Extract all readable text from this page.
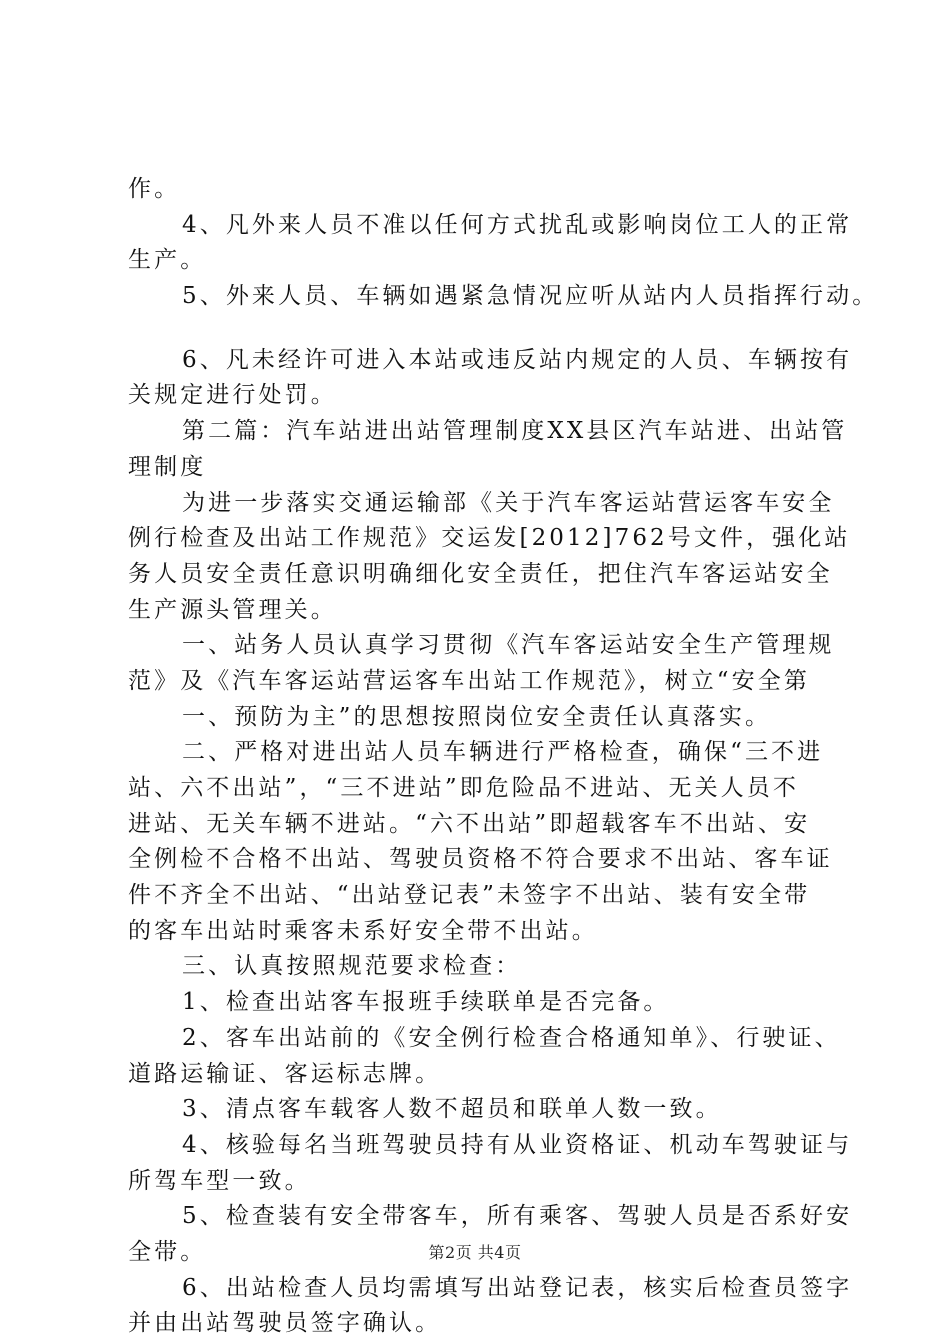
作。
4、凡外来人员不准以任何方式扰乱或影响岗位工人的正常
生产。
5、外来人员、车辆如遇紧急情况应听从站内人员指挥行动。
6、凡未经许可进入本站或违反站内规定的人员、车辆按有
关规定进行处罚。
第二篇：汽车站进出站管理制度XX县区汽车站进、出站管
理制度
为进一步落实交通运输部《关于汽车客运站营运客车安全
例行检查及出站工作规范》交运发[2012]762号文件，强化站
务人员安全责任意识明确细化安全责任，把住汽车客运站安全
生产源头管理关。
一、站务人员认真学习贯彻《汽车客运站安全生产管理规
范》及《汽车客运站营运客车出站工作规范》，树立“安全第
一、预防为主”的思想按照岗位安全责任认真落实。
二、严格对进出站人员车辆进行严格检查，确保“三不进
站、六不出站”，“三不进站”即危险品不进站、无关人员不
进站、无关车辆不进站。“六不出站”即超载客车不出站、安
全例检不合格不出站、驾驶员资格不符合要求不出站、客车证
件不齐全不出站、“出站登记表”未签字不出站、装有安全带
的客车出站时乘客未系好安全带不出站。
三、认真按照规范要求检查：
1、检查出站客车报班手续联单是否完备。
2、客车出站前的《安全例行检查合格通知单》、行驶证、
道路运输证、客运标志牌。
3、清点客车载客人数不超员和联单人数一致。
4、核验每名当班驾驶员持有从业资格证、机动车驾驶证与
所驾车型一致。
5、检查装有安全带客车，所有乘客、驾驶人员是否系好安
全带。
6、出站检查人员均需填写出站登记表，核实后检查员签字
并由出站驾驶员签字确认。
第2页 共4页
